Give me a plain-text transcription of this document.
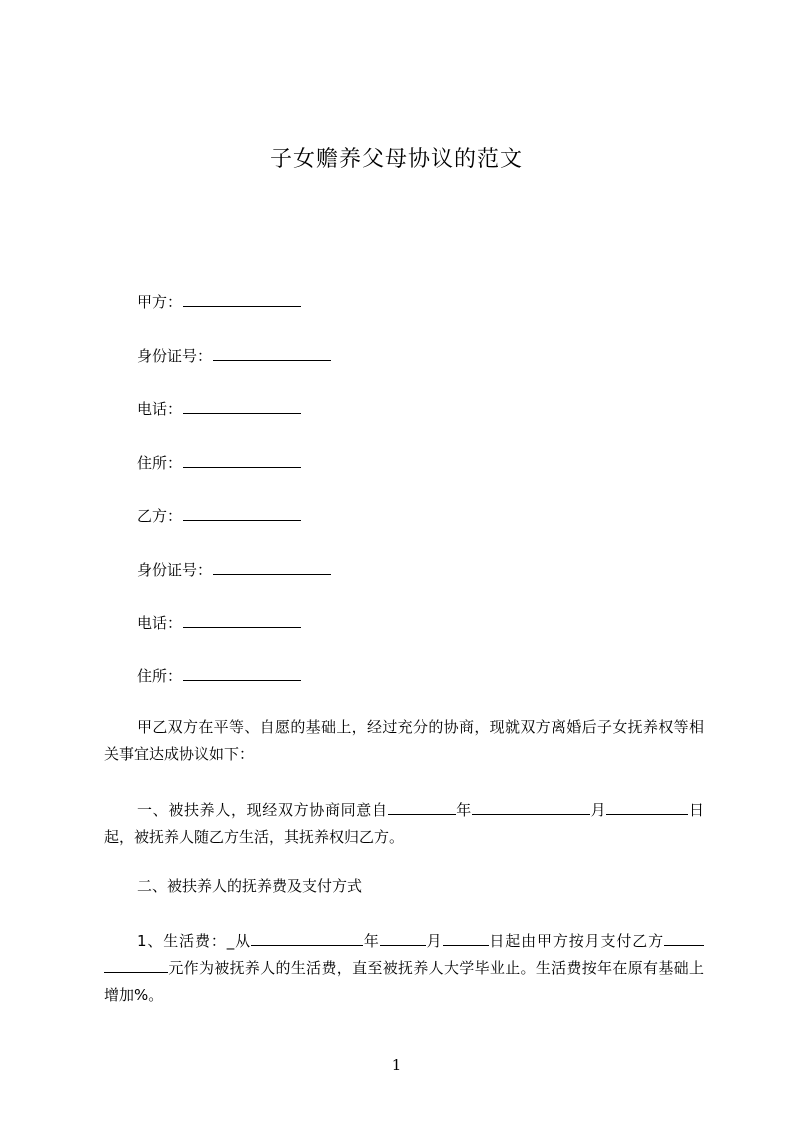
子女赡养父母协议的范文
甲方：
身份证号：
电话：
住所：
乙方：
身份证号：
电话：
住所：

甲乙双方在平等、自愿的基础上，经过充分的协商，现就双方离婚后子女抚养权等相关事宜达成协议如下：

一、被扶养人，现经双方协商同意自	年	月	日起，被抚养人随乙方生活，其抚养权归乙方。

二、被扶养人的抚养费及支付方式

1、生活费：_从	年	月	日起由甲方按月支付乙方元作为被抚养人的生活费，直至被抚养人大学毕业止。生活费按年在原有基础上增加%。

1
